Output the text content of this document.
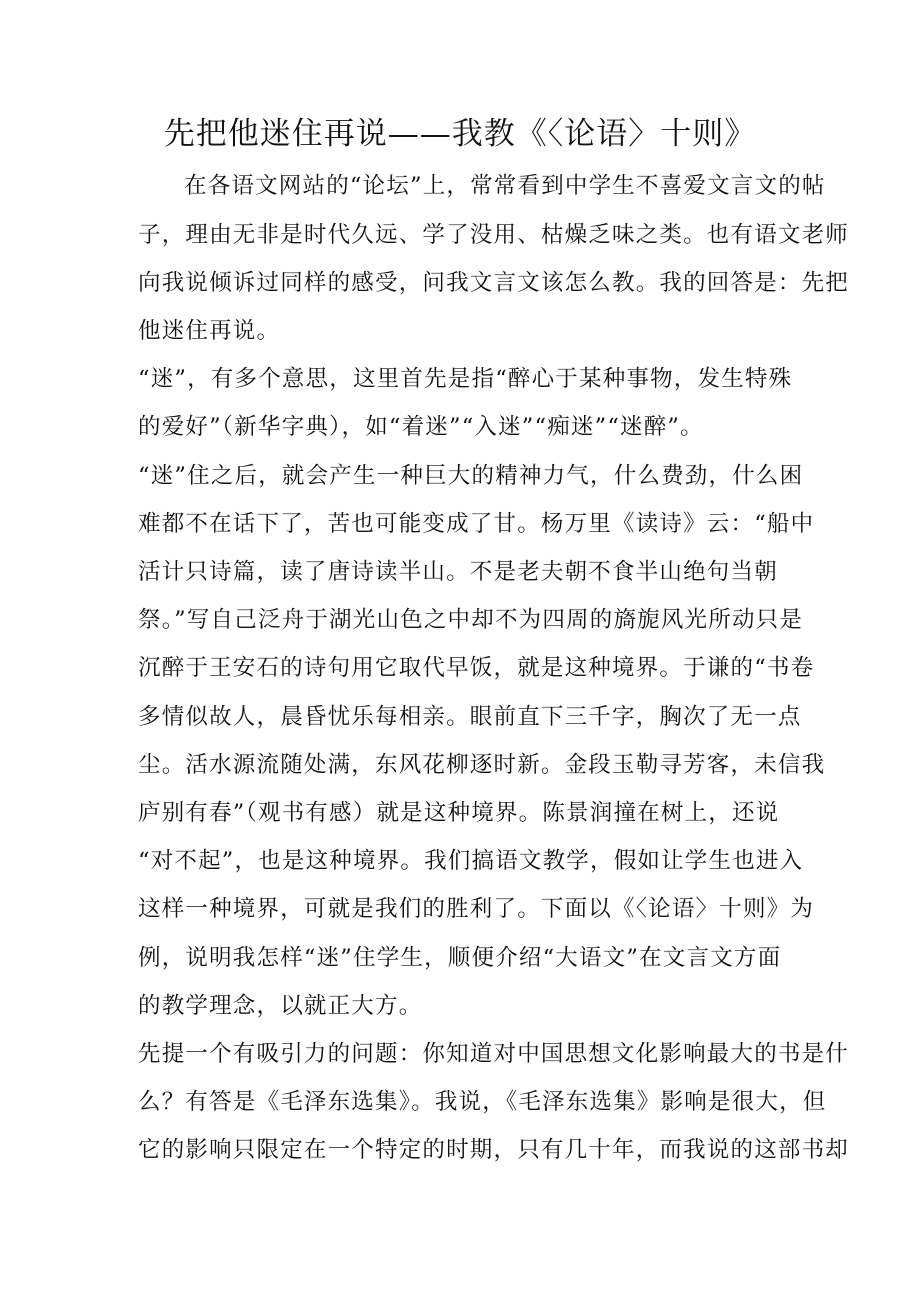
先把他迷住再说——我教《〈论语〉十则》
在各语文网站的“论坛”上，常常看到中学生不喜爱文言文的帖
子，理由无非是时代久远、学了没用、枯燥乏味之类。也有语文老师
向我说倾诉过同样的感受，问我文言文该怎么教。我的回答是：先把
他迷住再说。
“迷”，有多个意思，这里首先是指“醉心于某种事物，发生特殊
的爱好”（新华字典），如“着迷”“入迷”“痴迷”“迷醉”。
“迷”住之后，就会产生一种巨大的精神力气，什么费劲，什么困
难都不在话下了，苦也可能变成了甘。杨万里《读诗》云：“船中
活计只诗篇，读了唐诗读半山。不是老夫朝不食半山绝句当朝
祭。”写自己泛舟于湖光山色之中却不为四周的旖旎风光所动只是
沉醉于王安石的诗句用它取代早饭，就是这种境界。于谦的“书卷
多情似故人，晨昏忧乐每相亲。眼前直下三千字，胸次了无一点
尘。活水源流随处满，东风花柳逐时新。金段玉勒寻芳客，未信我
庐别有春”（观书有感）就是这种境界。陈景润撞在树上，还说
“对不起”，也是这种境界。我们搞语文教学，假如让学生也进入
这样一种境界，可就是我们的胜利了。下面以《〈论语〉十则》为
例，说明我怎样“迷”住学生，顺便介绍“大语文”在文言文方面
的教学理念，以就正大方。
先提一个有吸引力的问题：你知道对中国思想文化影响最大的书是什
么？有答是《毛泽东选集》。我说，《毛泽东选集》影响是很大，但
它的影响只限定在一个特定的时期，只有几十年，而我说的这部书却
